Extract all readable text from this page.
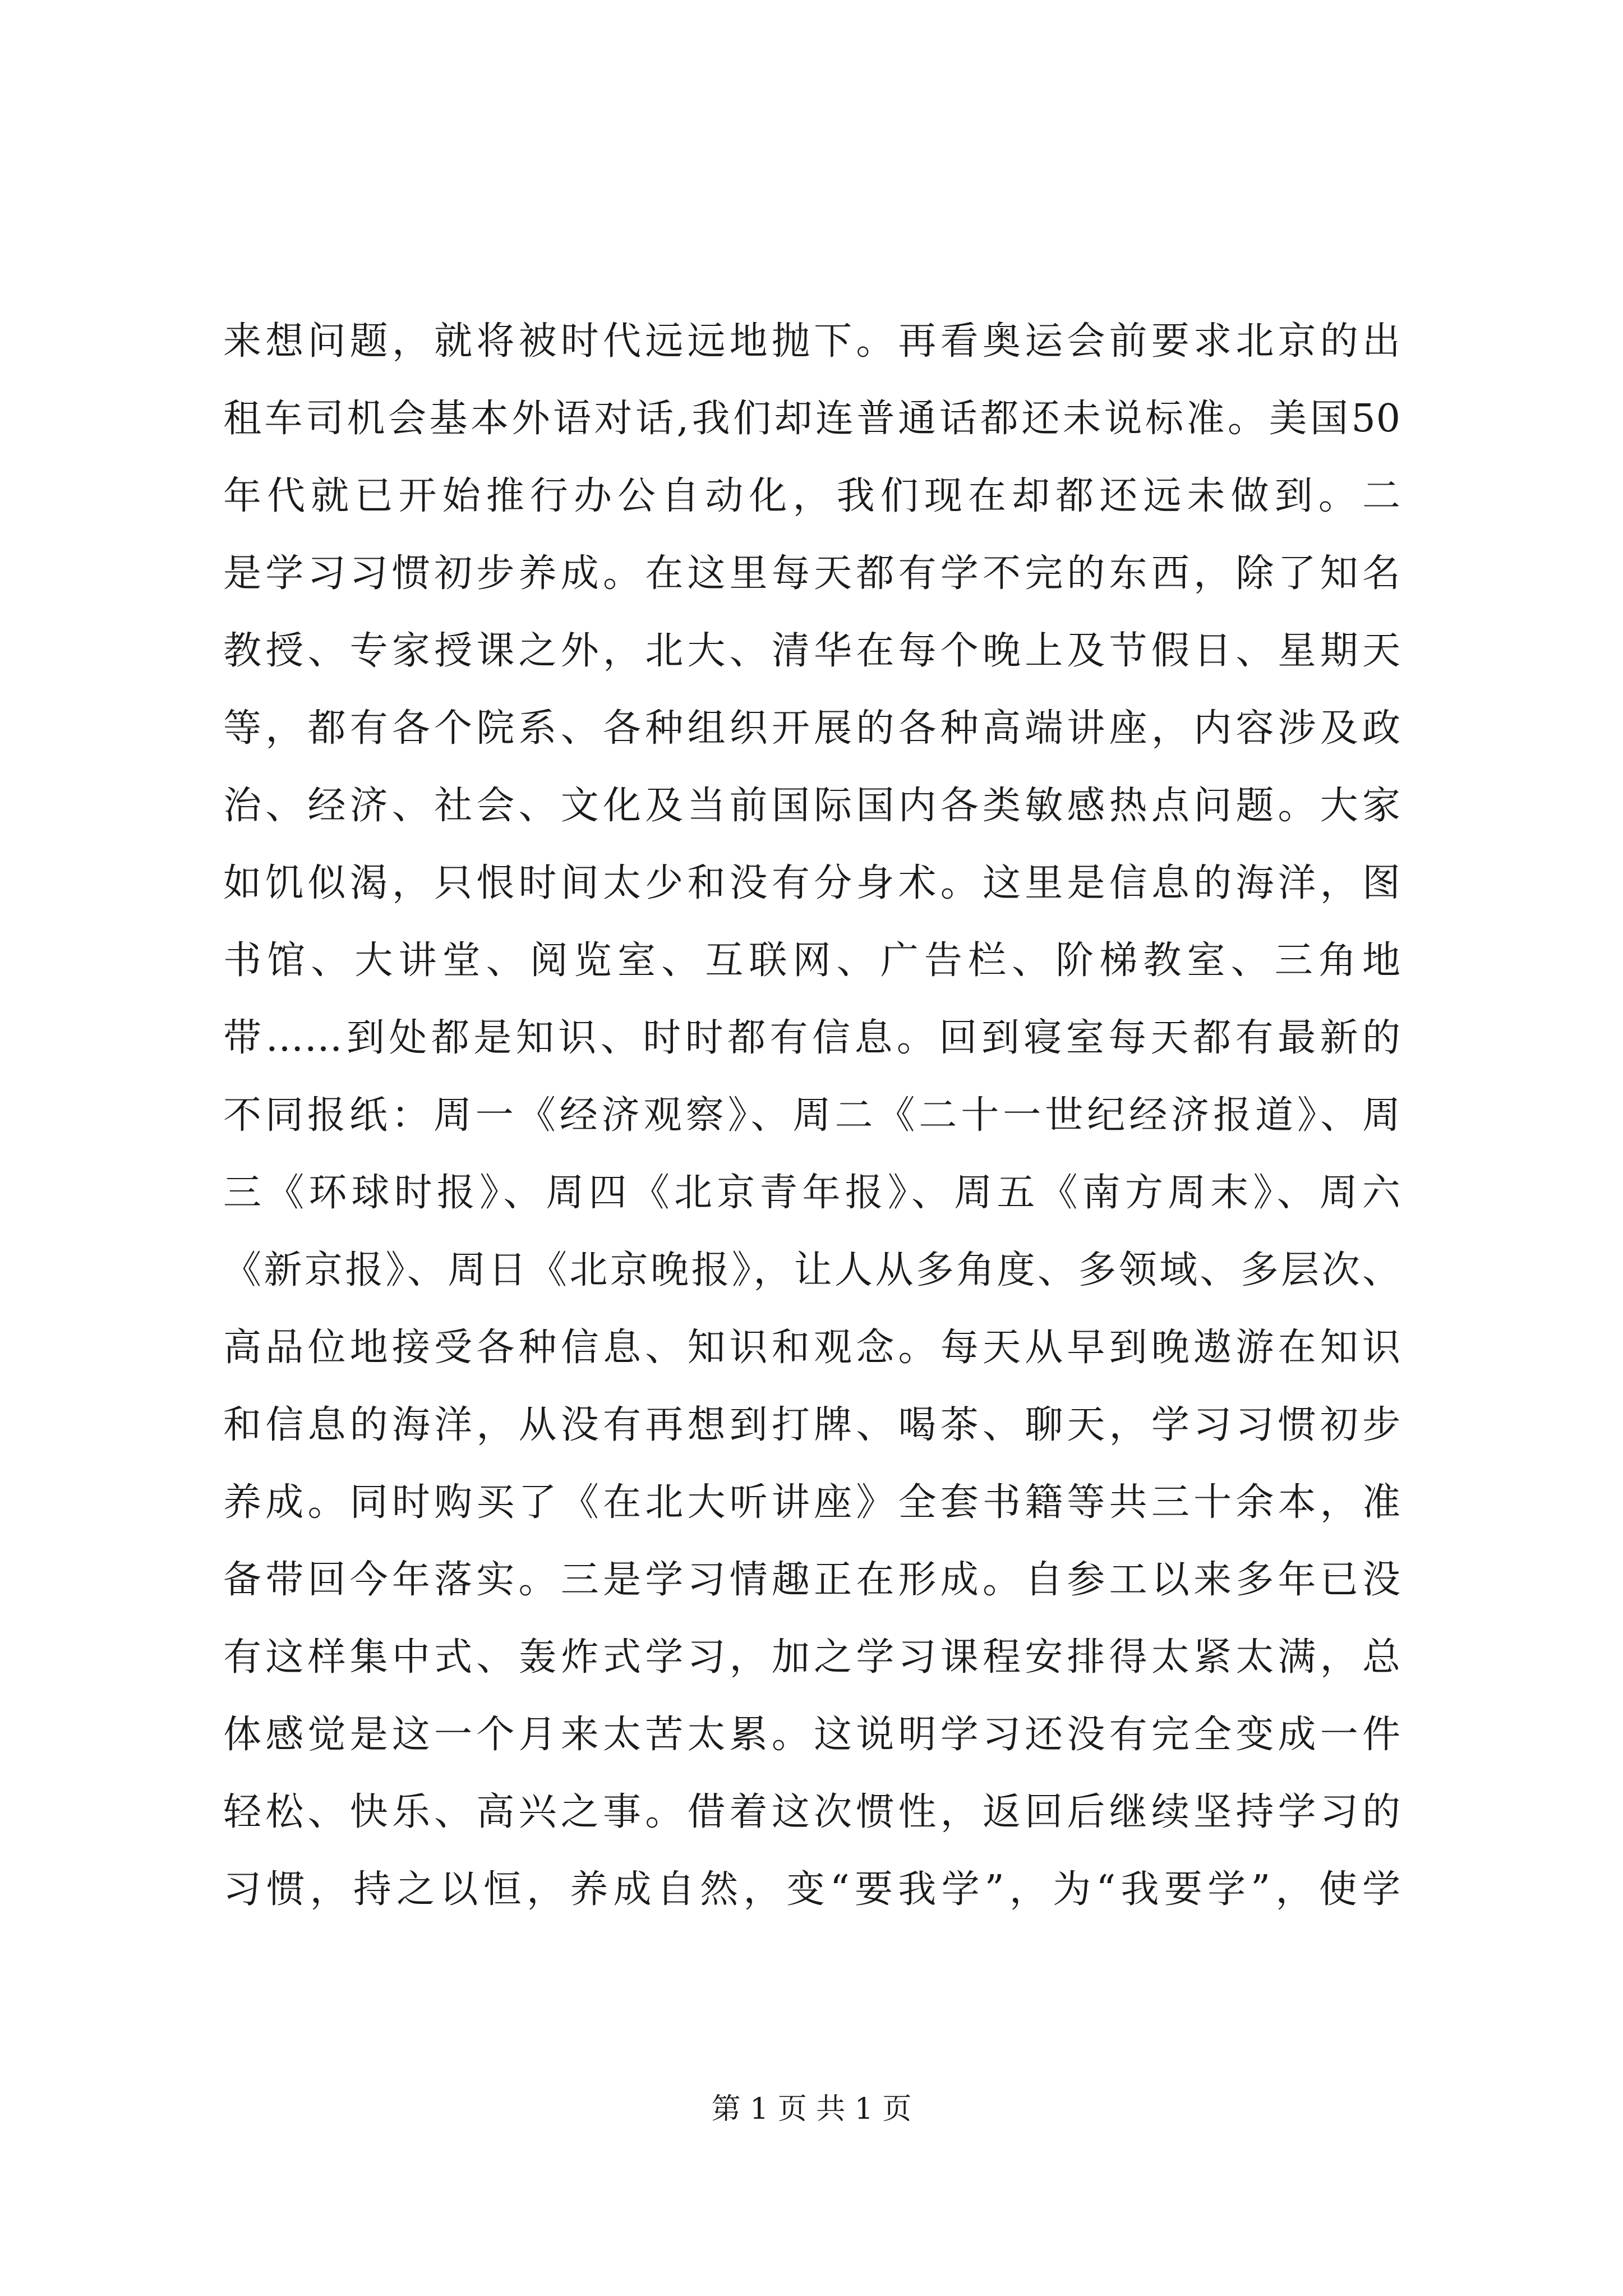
来想问题，就将被时代远远地抛下。再看奥运会前要求北京的出
租车司机会基本外语对话,我们却连普通话都还未说标准。美国50
年代就已开始推行办公自动化，我们现在却都还远未做到。二
是学习习惯初步养成。在这里每天都有学不完的东西，除了知名
教授、专家授课之外，北大、清华在每个晚上及节假日、星期天
等，都有各个院系、各种组织开展的各种高端讲座，内容涉及政
治、经济、社会、文化及当前国际国内各类敏感热点问题。大家
如饥似渴，只恨时间太少和没有分身术。这里是信息的海洋，图
书馆、大讲堂、阅览室、互联网、广告栏、阶梯教室、三角地
带……到处都是知识、时时都有信息。回到寝室每天都有最新的
不同报纸：周一《经济观察》、周二《二十一世纪经济报道》、周
三《环球时报》、周四《北京青年报》、周五《南方周末》、周六
《新京报》、周日《北京晚报》，让人从多角度、多领域、多层次、
高品位地接受各种信息、知识和观念。每天从早到晚遨游在知识
和信息的海洋，从没有再想到打牌、喝茶、聊天，学习习惯初步
养成。同时购买了《在北大听讲座》全套书籍等共三十余本，准
备带回今年落实。三是学习情趣正在形成。自参工以来多年已没
有这样集中式、轰炸式学习，加之学习课程安排得太紧太满，总
体感觉是这一个月来太苦太累。这说明学习还没有完全变成一件
轻松、快乐、高兴之事。借着这次惯性，返回后继续坚持学习的
习惯，持之以恒，养成自然，变“要我学”，为“我要学”，使学
第 1 页 共 1 页
